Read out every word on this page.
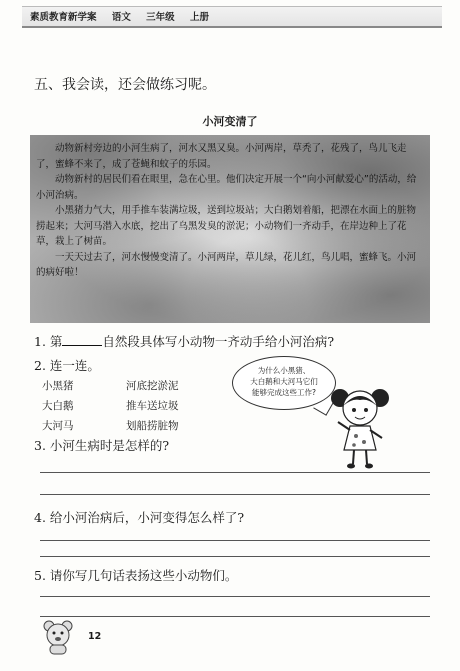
素质教育新学案 语文 三年级 上册
五、我会读，还会做练习呢。
小河变清了

动物新村旁边的小河生病了，河水又黑又臭。小河两岸，草秃了，花残了，鸟儿飞走了，蜜蜂不来了，成了苍蝇和蚊子的乐园。

动物新村的居民们看在眼里，急在心里。他们决定开展一个“向小河献爱心”的活动，给小河治病。

小黑猪力气大，用手推车装满垃圾，送到垃圾站；大白鹅划着船，把漂在水面上的脏物捞起来；大河马潜入水底，挖出了乌黑发臭的淤泥；小动物们一齐动手，在岸边种上了花草，栽上了树苗。

一天天过去了，河水慢慢变清了。小河两岸，草儿绿，花儿红，鸟儿唱，蜜蜂飞。小河的病好啦！

1. 第	自然段具体写小动物一齐动手给小河治病?
2. 连一连。
小黑猪
大白鹅
大河马
河底挖淤泥
推车送垃圾
划船捞脏物
为什么小黑猪、
大白鹅和大河马它们
能够完成这些工作?
3. 小河生病时是怎样的?
4. 给小河治病后，小河变得怎么样了?
5. 请你写几句话表扬这些小动物们。
12
